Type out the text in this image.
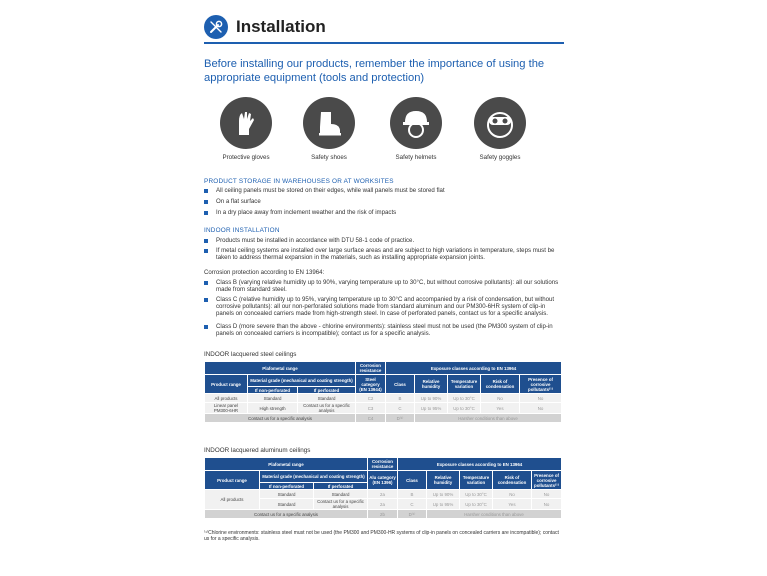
Installation
Before installing our products, remember the importance of using the appropriate equipment (tools and protection)
Protective gloves	Safety shoes	Safety helmets	Safety goggles
PRODUCT STORAGE IN WAREHOUSES OR AT WORKSITES
All ceiling panels must be stored on their edges, while wall panels must be stored flat
On a flat surface
In a dry place away from inclement weather and the risk of impacts
INDOOR INSTALLATION
Products must be installed in accordance with DTU 58-1 code of practice.
If metal ceiling systems are installed over large surface areas and are subject to high variations in temperature, steps must be taken to address thermal expansion in the materials, such as installing appropriate expansion joints.
Corrosion protection according to EN 13964:
Class B (varying relative humidity up to 90%, varying temperature up to 30°C, but without corrosive pollutants): all our solutions made from standard steel.
Class C (relative humidity up to 95%, varying temperature up to 30°C and accompanied by a risk of condensation, but without corrosive pollutants): all our non-perforated solutions made from standard aluminum and our PM300-6HR system of clip-in panels on concealed carriers made from high-strength steel. In case of perforated panels, contact us for a specific analysis.
Class D (more severe than the above - chlorine environments): stainless steel must not be used (the PM300 system of clip-in panels on concealed carriers is incompatible); contact us for a specific analysis.
INDOOR lacquered steel ceilings
Plafometal range			Corrosion resistance	Exposure classes according to EN 13964				
Product range	Material grade (mechanical and coating strength)		Steel category (EN 13944)	Class	Relative humidity	Temperature variation	Risk of condensation	Presence of corrosive pollutants⁽¹⁾
	If non-perforated	If perforated						
All products	Standard	Standard	C2	B	Up to 90%	Up to 30°C	No	No
Linear panel PM300-6HR	High strength	Contact us for a specific analysis	C3	C	Up to 95%	Up to 30°C	Yes	No
Contact us for a specific analysis			C4	D⁽¹⁾	Harsher conditions than above			
INDOOR lacquered aluminum ceilings
Plafometal range			Corrosion resistance	Exposure classes according to EN 13964				
Product range	Material grade (mechanical and coating strength)		Alu category (EN 1396)	Class	Relative humidity	Temperature variation	Risk of condensation	Presence of corrosive pollutants⁽¹⁾
	If non-perforated	If perforated						
All products	Standard	Standard	2a	B	Up to 90%	Up to 30°C	No	No
	Standard	Contact us for a specific analysis	2a	C	Up to 95%	Up to 30°C	Yes	No
Contact us for a specific analysis			2b	D⁽¹⁾	Harsher conditions than above			
⁽¹⁾Chlorine environments: stainless steel must not be used (the PM300 and PM300-HR systems of clip-in panels on concealed carriers are incompatible); contact us for a specific analysis.
